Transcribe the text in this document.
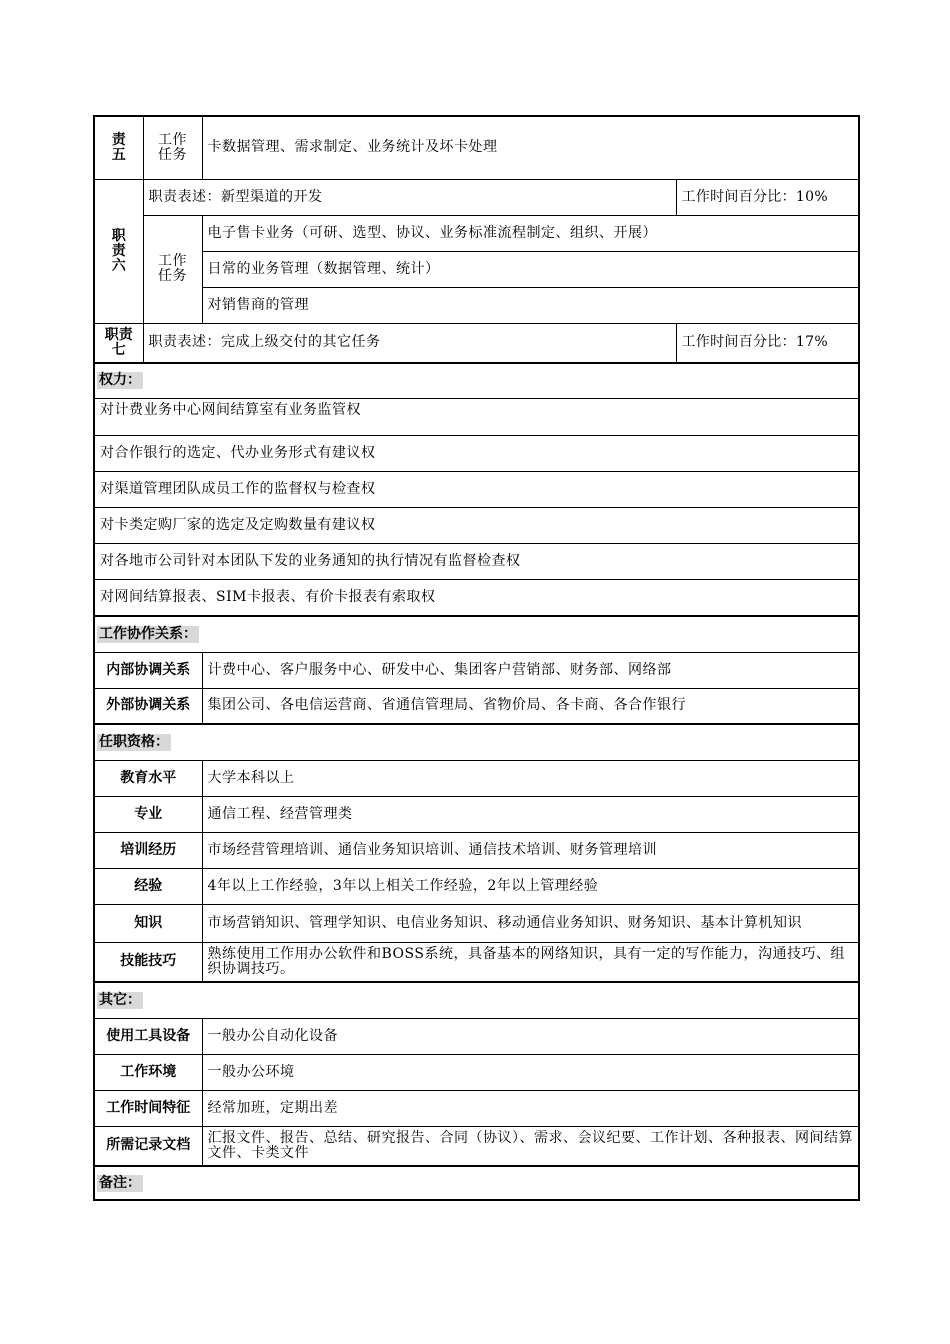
责
五	工作
任务	卡数据管理、需求制定、业务统计及坏卡处理	
职
责
六	职责表述：新型渠道的开发		工作时间百分比：10%
	工作
任务	电子售卡业务（可研、选型、协议、业务标准流程制定、组织、开展）	
		日常的业务管理（数据管理、统计）	
		对销售商的管理	
职责
七	职责表述：完成上级交付的其它任务		工作时间百分比：17%
权力：			
对计费业务中心网间结算室有业务监管权			
对合作银行的选定、代办业务形式有建议权			
对渠道管理团队成员工作的监督权与检查权			
对卡类定购厂家的选定及定购数量有建议权			
对各地市公司针对本团队下发的业务通知的执行情况有监督检查权			
对网间结算报表、SIM卡报表、有价卡报表有索取权			
工作协作关系：			
内部协调关系		计费中心、客户服务中心、研发中心、集团客户营销部、财务部、网络部	
外部协调关系		集团公司、各电信运营商、省通信管理局、省物价局、各卡商、各合作银行	
任职资格：			
教育水平		大学本科以上	
专业		通信工程、经营管理类	
培训经历		市场经营管理培训、通信业务知识培训、通信技术培训、财务管理培训	
经验		4年以上工作经验，3年以上相关工作经验，2年以上管理经验	
知识		市场营销知识、管理学知识、电信业务知识、移动通信业务知识、财务知识、基本计算机知识	
技能技巧		熟练使用工作用办公软件和BOSS系统，具备基本的网络知识，具有一定的写作能力，沟通技巧、组织协调技巧。	
其它：			
使用工具设备		一般办公自动化设备	
工作环境		一般办公环境	
工作时间特征		经常加班，定期出差	
所需记录文档		汇报文件、报告、总结、研究报告、合同（协议）、需求、会议纪要、工作计划、各种报表、网间结算文件、卡类文件	
备注：			
